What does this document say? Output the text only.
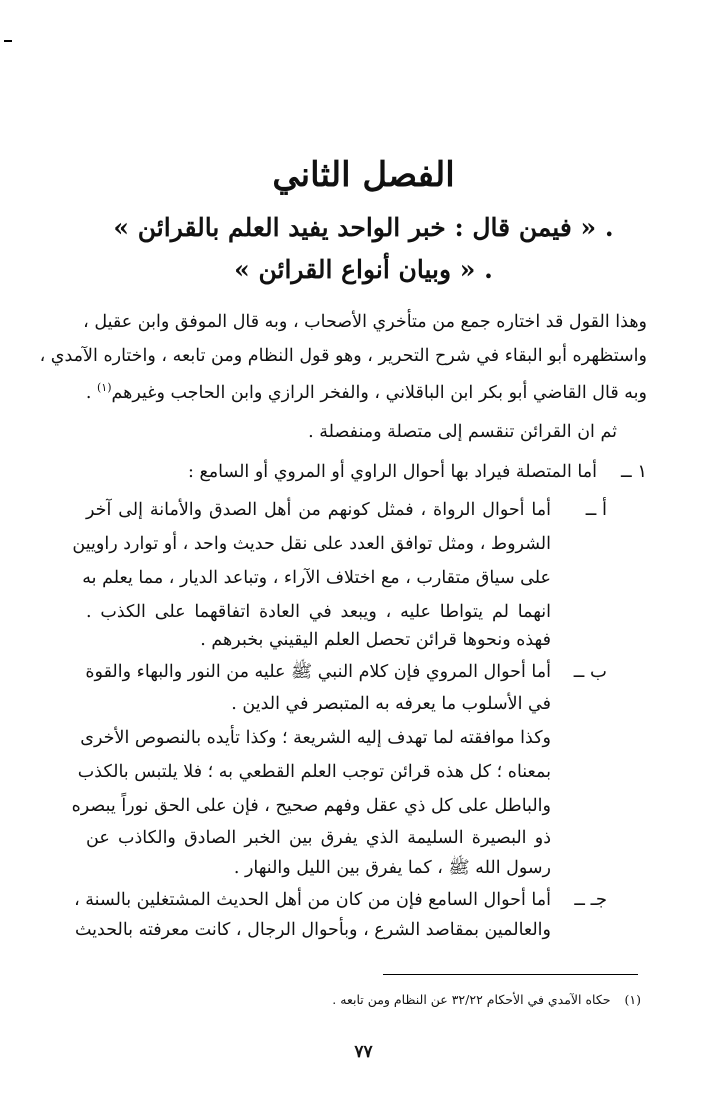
الفصل الثاني
« فيمن قال : خبر الواحد يفيد العلم بالقرائن » .
« وبيان أنواع القرائن » .
وهذا القول قد اختاره جمع من متأخري الأصحاب ، وبه قال الموفق وابن عقيل ،
واستظهره أبو البقاء في شرح التحرير ، وهو قول النظام ومن تابعه ، واختاره الآمدي ،
وبه قال القاضي أبو بكر ابن الباقلاني ، والفخر الرازي وابن الحاجب وغيرهم$^{(١)}$ .
ثم ان القرائن تنقسم إلى متصلة ومنفصلة .
١ ــ
أما المتصلة فيراد بها أحوال الراوي أو المروي أو السامع :
أ ــ
أما أحوال الرواة ، فمثل كونهم من أهل الصدق والأمانة إلى آخر
الشروط ، ومثل توافق العدد على نقل حديث واحد ، أو توارد راويين
على سياق متقارب ، مع اختلاف الآراء ، وتباعد الديار ، مما يعلم به
انهما لم يتواطا عليه ، ويبعد في العادة اتفاقهما على الكذب .
فهذه ونحوها قرائن تحصل العلم اليقيني بخبرهم .
ب ــ
أما أحوال المروي فإن كلام النبي ﷺ عليه من النور والبهاء والقوة
في الأسلوب ما يعرفه به المتبصر في الدين .
وكذا موافقته لما تهدف إليه الشريعة ؛ وكذا تأيده بالنصوص الأخرى
بمعناه ؛ كل هذه قرائن توجب العلم القطعي به ؛ فلا يلتبس بالكذب
والباطل على كل ذي عقل وفهم صحيح ، فإن على الحق نوراً يبصره
ذو البصيرة السليمة الذي يفرق بين الخبر الصادق والكاذب عن
رسول الله ﷺ ، كما يفرق بين الليل والنهار .
جـ ــ
أما أحوال السامع فإن من كان من أهل الحديث المشتغلين بالسنة ،
والعالمين بمقاصد الشرع ، وبأحوال الرجال ، كانت معرفته بالحديث
(١)حكاه الآمدي في الأحكام ٣٢/٢٢ عن النظام ومن تابعه .
٧٧
